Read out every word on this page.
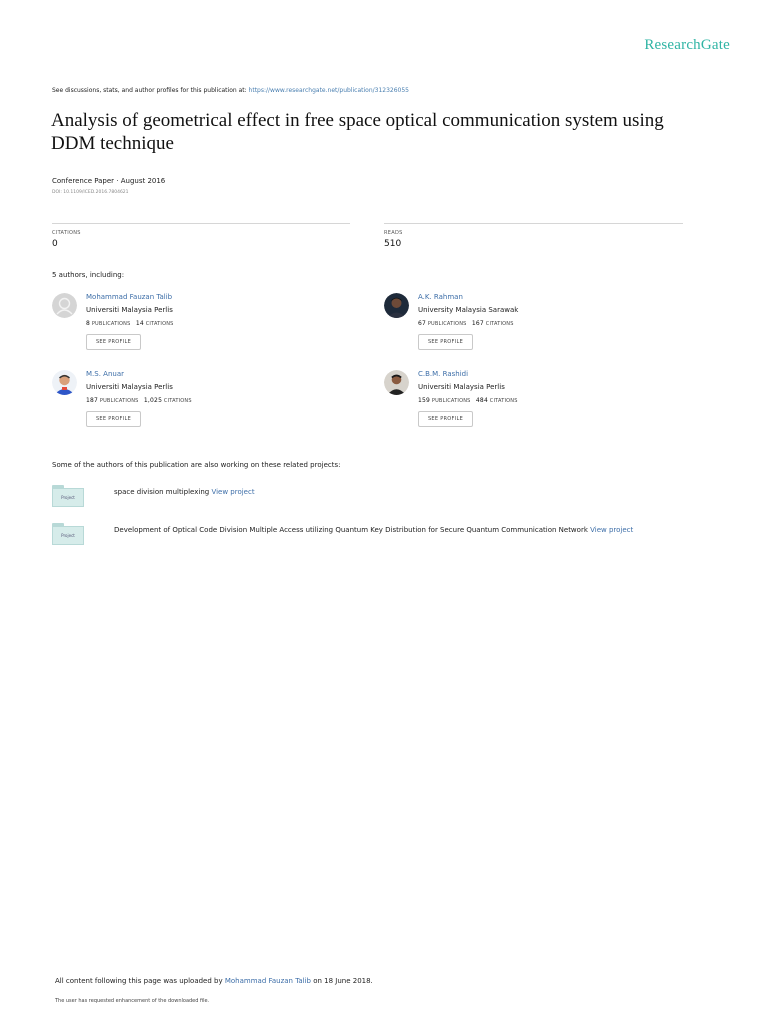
ResearchGate
See discussions, stats, and author profiles for this publication at: https://www.researchgate.net/publication/312326055
Analysis of geometrical effect in free space optical communication system using DDM technique
Conference Paper · August 2016
DOI: 10.1109/ICED.2016.7804621
CITATIONS
0
READS
510
5 authors, including:
Mohammad Fauzan Talib
Universiti Malaysia Perlis
8 PUBLICATIONS 14 CITATIONS
SEE PROFILE
A.K. Rahman
University Malaysia Sarawak
67 PUBLICATIONS 167 CITATIONS
SEE PROFILE
M.S. Anuar
Universiti Malaysia Perlis
187 PUBLICATIONS 1,025 CITATIONS
SEE PROFILE
C.B.M. Rashidi
Universiti Malaysia Perlis
159 PUBLICATIONS 484 CITATIONS
SEE PROFILE
Some of the authors of this publication are also working on these related projects:
Project
space division multiplexing View project
Project
Development of Optical Code Division Multiple Access utilizing Quantum Key Distribution for Secure Quantum Communication Network View project
All content following this page was uploaded by Mohammad Fauzan Talib on 18 June 2018.
The user has requested enhancement of the downloaded file.
